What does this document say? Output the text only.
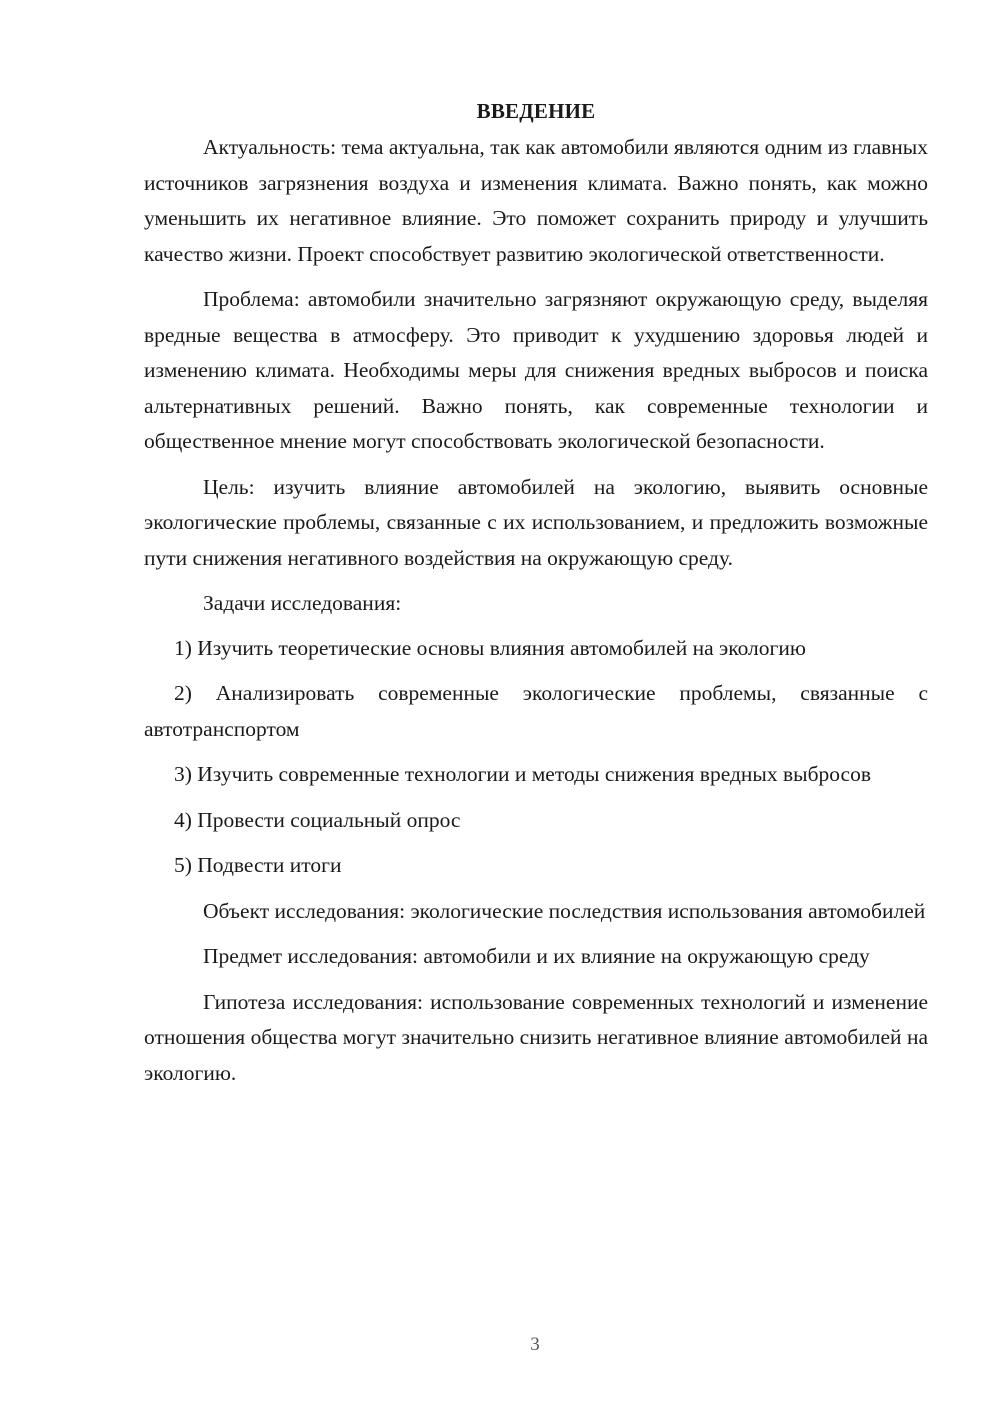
ВВЕДЕНИЕ

Актуальность: тема актуальна, так как автомобили являются одним из главных источников загрязнения воздуха и изменения климата. Важно понять, как можно уменьшить их негативное влияние. Это поможет сохранить природу и улучшить качество жизни. Проект способствует развитию экологической ответственности.

Проблема: автомобили значительно загрязняют окружающую среду, выделяя вредные вещества в атмосферу. Это приводит к ухудшению здоровья людей и изменению климата. Необходимы меры для снижения вредных выбросов и поиска альтернативных решений. Важно понять, как современные технологии и общественное мнение могут способствовать экологической безопасности.

Цель: изучить влияние автомобилей на экологию, выявить основные экологические проблемы, связанные с их использованием, и предложить возможные пути снижения негативного воздействия на окружающую среду.

Задачи исследования:

1) Изучить теоретические основы влияния автомобилей на экологию

2) Анализировать современные экологические проблемы, связанные с автотранспортом

3) Изучить современные технологии и методы снижения вредных выбросов

4) Провести социальный опрос

5) Подвести итоги

Объект исследования: экологические последствия использования автомобилей

Предмет исследования: автомобили и их влияние на окружающую среду

Гипотеза исследования: использование современных технологий и изменение отношения общества могут значительно снизить негативное влияние автомобилей на экологию.

3
